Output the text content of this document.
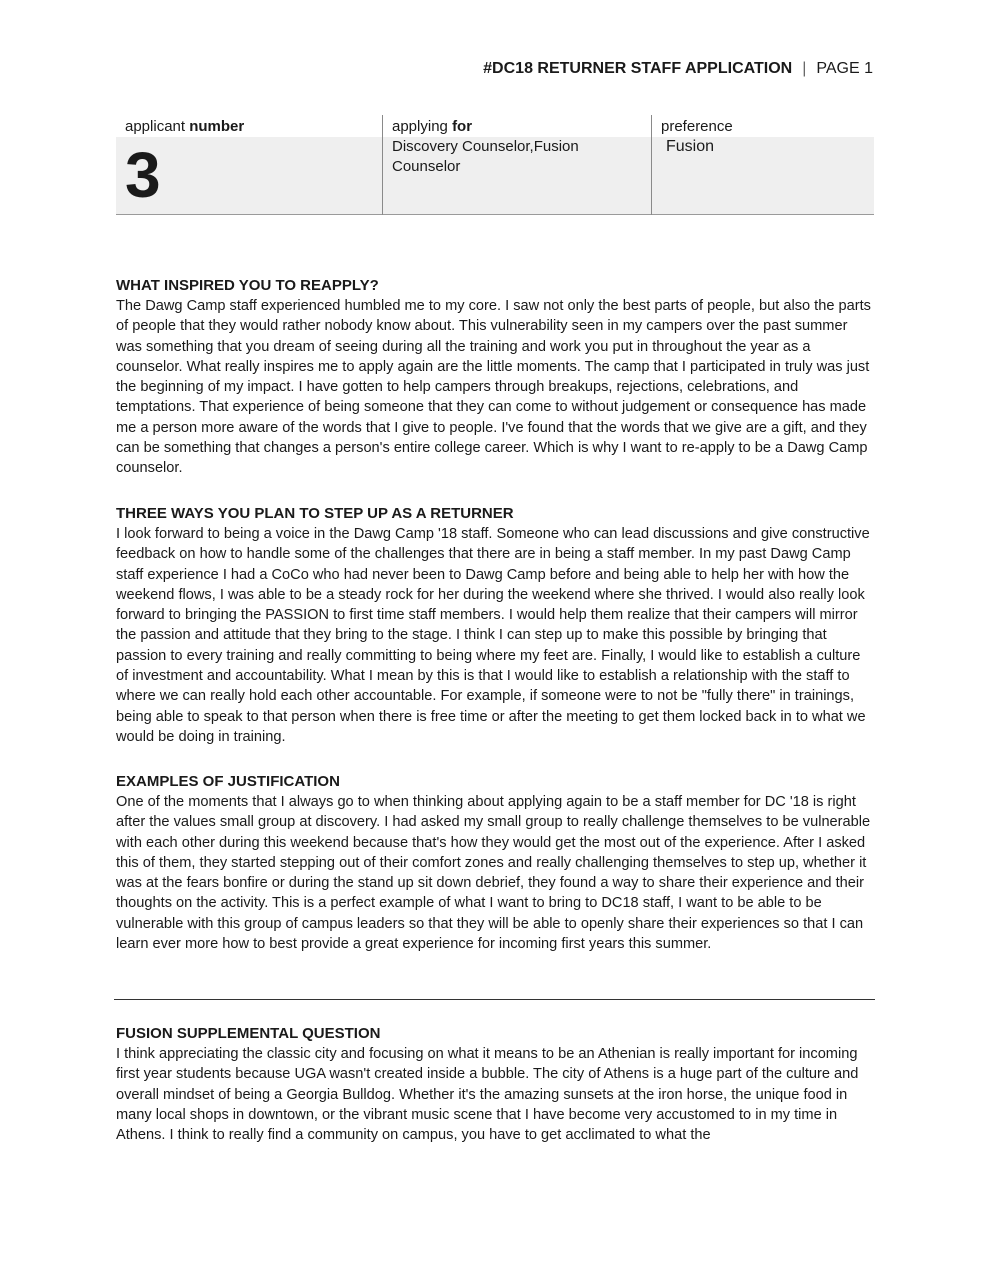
#DC18 RETURNER STAFF APPLICATION | PAGE 1
applicant number
3
applying for
Discovery Counselor,Fusion Counselor
preference
Fusion
WHAT INSPIRED YOU TO REAPPLY?

The Dawg Camp staff experienced humbled me to my core. I saw not only the best parts of people, but also the parts of people that they would rather nobody know about. This vulnerability seen in my campers over the past summer was something that you dream of seeing during all the training and work you put in throughout the year as a counselor. What really inspires me to apply again are the little moments. The camp that I participated in truly was just the beginning of my impact. I have gotten to help campers through breakups, rejections, celebrations, and temptations. That experience of being someone that they can come to without judgement or consequence has made me a person more aware of the words that I give to people. I've found that the words that we give are a gift, and they can be something that changes a person's entire college career. Which is why I want to re-apply to be a Dawg Camp counselor.

THREE WAYS YOU PLAN TO STEP UP AS A RETURNER

I look forward to being a voice in the Dawg Camp '18 staff. Someone who can lead discussions and give constructive feedback on how to handle some of the challenges that there are in being a staff member. In my past Dawg Camp staff experience I had a CoCo who had never been to Dawg Camp before and being able to help her with how the weekend flows, I was able to be a steady rock for her during the weekend where she thrived. I would also really look forward to bringing the PASSION to first time staff members. I would help them realize that their campers will mirror the passion and attitude that they bring to the stage. I think I can step up to make this possible by bringing that passion to every training and really committing to being where my feet are. Finally, I would like to establish a culture of investment and accountability. What I mean by this is that I would like to establish a relationship with the staff to where we can really hold each other accountable. For example, if someone were to not be "fully there" in trainings, being able to speak to that person when there is free time or after the meeting to get them locked back in to what we would be doing in training.

EXAMPLES OF JUSTIFICATION

One of the moments that I always go to when thinking about applying again to be a staff member for DC '18 is right after the values small group at discovery. I had asked my small group to really challenge themselves to be vulnerable with each other during this weekend because that's how they would get the most out of the experience. After I asked this of them, they started stepping out of their comfort zones and really challenging themselves to step up, whether it was at the fears bonfire or during the stand up sit down debrief, they found a way to share their experience and their thoughts on the activity. This is a perfect example of what I want to bring to DC18 staff, I want to be able to be vulnerable with this group of campus leaders so that they will be able to openly share their experiences so that I can learn ever more how to best provide a great experience for incoming first years this summer.

FUSION SUPPLEMENTAL QUESTION

I think appreciating the classic city and focusing on what it means to be an Athenian is really important for incoming first year students because UGA wasn't created inside a bubble. The city of Athens is a huge part of the culture and overall mindset of being a Georgia Bulldog. Whether it's the amazing sunsets at the iron horse, the unique food in many local shops in downtown, or the vibrant music scene that I have become very accustomed to in my time in Athens. I think to really find a community on campus, you have to get acclimated to what the
